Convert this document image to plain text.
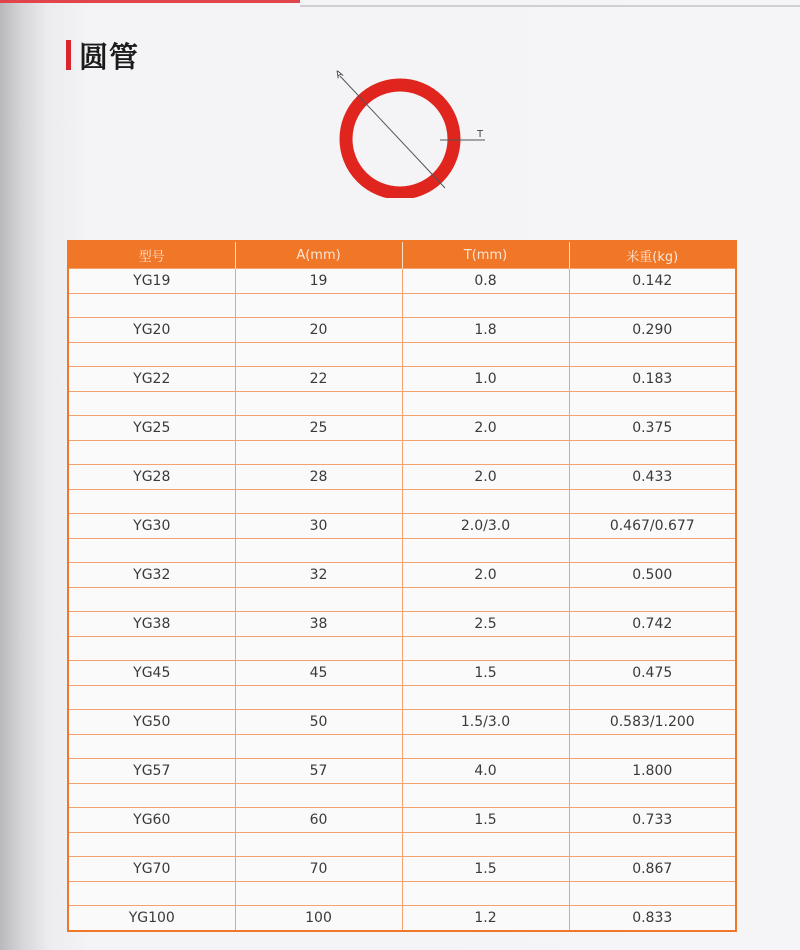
圆管
A
T
型号	A(mm)	T(mm)	米重(kg)
YG19	19	0.8	0.142

YG20	20	1.8	0.290

YG22	22	1.0	0.183

YG25	25	2.0	0.375

YG28	28	2.0	0.433

YG30	30	2.0/3.0	0.467/0.677

YG32	32	2.0	0.500

YG38	38	2.5	0.742

YG45	45	1.5	0.475

YG50	50	1.5/3.0	0.583/1.200

YG57	57	4.0	1.800

YG60	60	1.5	0.733

YG70	70	1.5	0.867

YG100	100	1.2	0.833
